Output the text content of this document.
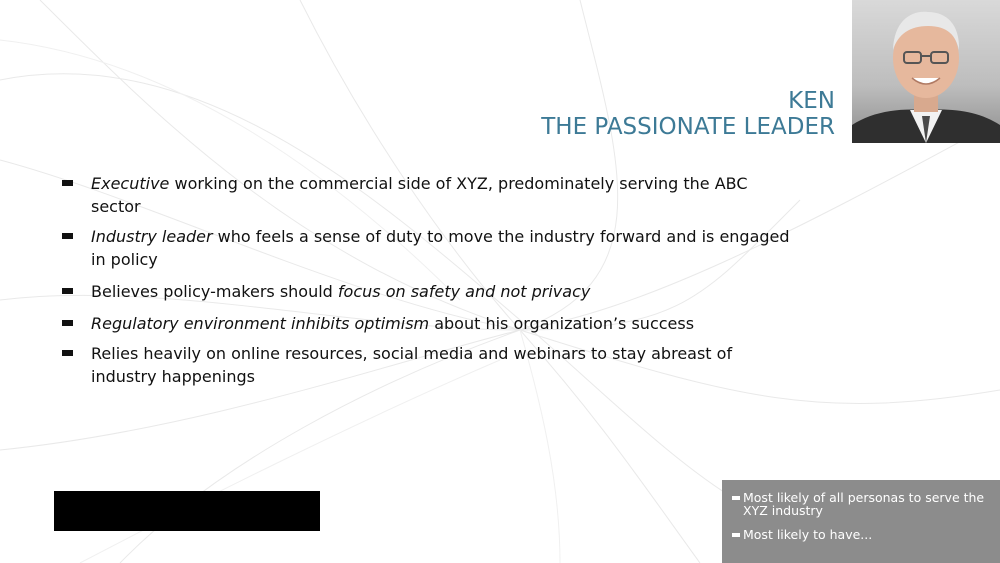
KEN
THE PASSIONATE LEADER
Executive working on the commercial side of XYZ, predominately serving the ABC sector
Industry leader who feels a sense of duty to move the industry forward and is engaged in policy
Believes policy-makers should focus on safety and not privacy
Regulatory environment inhibits optimism about his organization’s success
Relies heavily on online resources, social media and webinars to stay abreast of industry happenings
Most likely of all personas to serve the XYZ industry
Most likely to have...
